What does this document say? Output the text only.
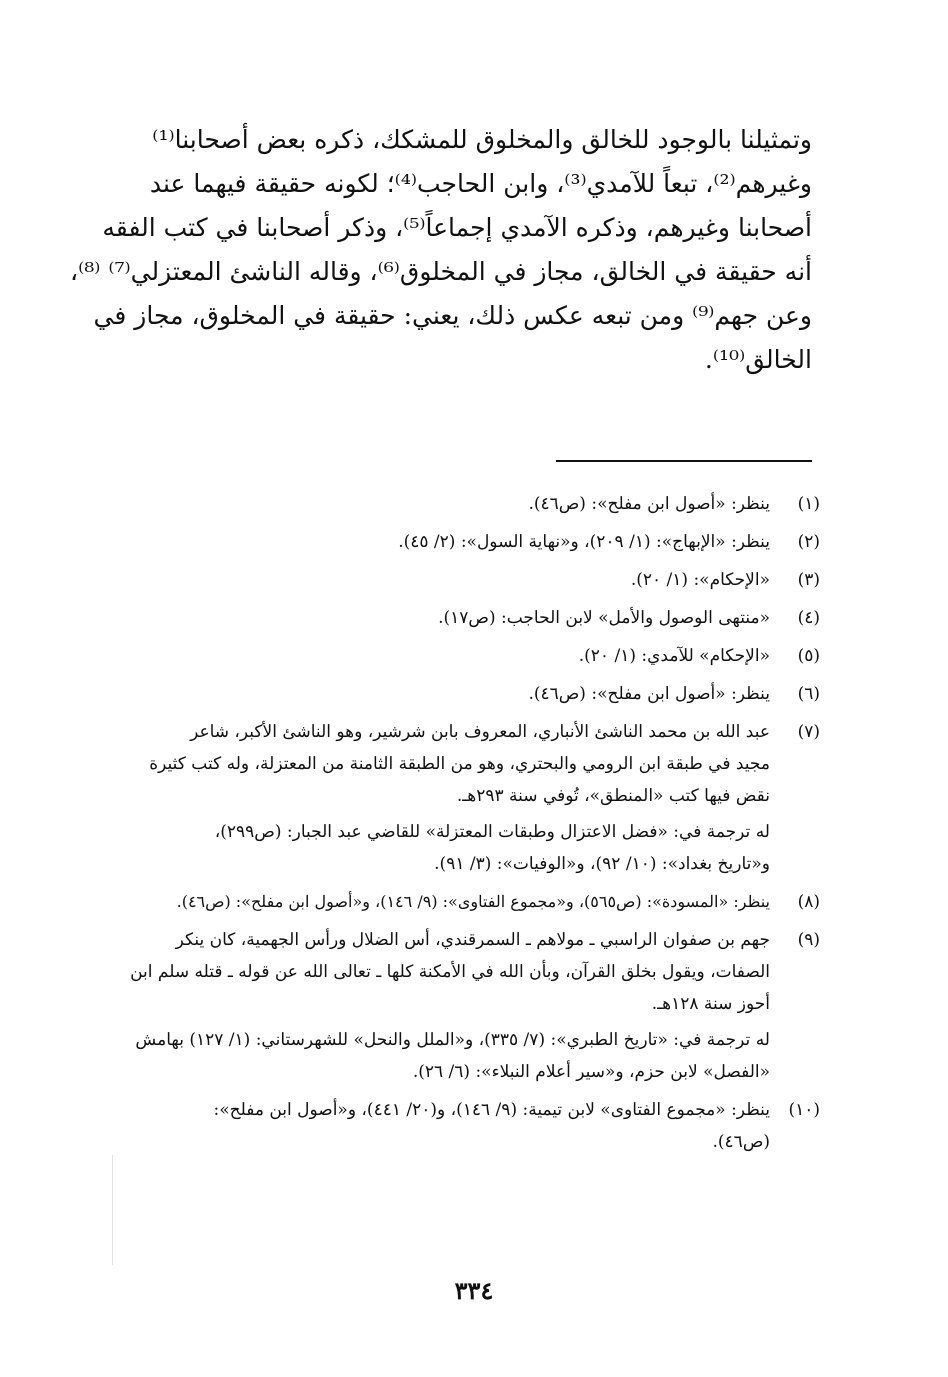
وتمثيلنا بالوجود للخالق والمخلوق للمشكك، ذكره بعض أصحابنا⁽¹⁾
وغيرهم⁽²⁾، تبعاً للآمدي⁽³⁾، وابن الحاجب⁽⁴⁾؛ لكونه حقيقة فيهما عند
أصحابنا وغيرهم، وذكره الآمدي إجماعاً⁽⁵⁾، وذكر أصحابنا في كتب الفقه
أنه حقيقة في الخالق، مجاز في المخلوق⁽⁶⁾، وقاله الناشئ المعتزلي⁽⁷⁾ ⁽⁸⁾،
وعن جهم⁽⁹⁾ ومن تبعه عكس ذلك، يعني: حقيقة في المخلوق، مجاز في
الخالق⁽¹⁰⁾.
(١)
ينظر: «أصول ابن مفلح»: (ص٤٦).
(٢)
ينظر: «الإبهاج»: (١/ ٢٠٩)، و«نهاية السول»: (٢/ ٤٥).
(٣)
«الإحكام»: (١/ ٢٠).
(٤)
«منتهى الوصول والأمل» لابن الحاجب: (ص١٧).
(٥)
«الإحكام» للآمدي: (١/ ٢٠).
(٦)
ينظر: «أصول ابن مفلح»: (ص٤٦).
(٧)
عبد الله بن محمد الناشئ الأنباري، المعروف بابن شرشير، وهو الناشئ الأكبر، شاعر
مجيد في طبقة ابن الرومي والبحتري، وهو من الطبقة الثامنة من المعتزلة، وله كتب كثيرة
نقض فيها كتب «المنطق»، تُوفي سنة ٢٩٣هـ.
له ترجمة في: «فضل الاعتزال وطبقات المعتزلة» للقاضي عبد الجبار: (ص٢٩٩)،
و«تاريخ بغداد»: (١٠/ ٩٢)، و«الوفيات»: (٣/ ٩١).
(٨)
ينظر: «المسودة»: (ص٥٦٥)، و«مجموع الفتاوى»: (٩/ ١٤٦)، و«أصول ابن مفلح»: (ص٤٦).
(٩)
جهم بن صفوان الراسبي ـ مولاهم ـ السمرقندي، أس الضلال ورأس الجهمية، كان ينكر
الصفات، ويقول بخلق القرآن، وبأن الله في الأمكنة كلها ـ تعالى الله عن قوله ـ قتله سلم ابن
أحوز سنة ١٢٨هـ.
له ترجمة في: «تاريخ الطبري»: (٧/ ٣٣٥)، و«الملل والنحل» للشهرستاني: (١/ ١٢٧) بهامش
«الفصل» لابن حزم، و«سير أعلام النبلاء»: (٦/ ٢٦).
(١٠)
ينظر: «مجموع الفتاوى» لابن تيمية: (٩/ ١٤٦)، و(٢٠/ ٤٤١)، و«أصول ابن مفلح»:
(ص٤٦).
٣٣٤
